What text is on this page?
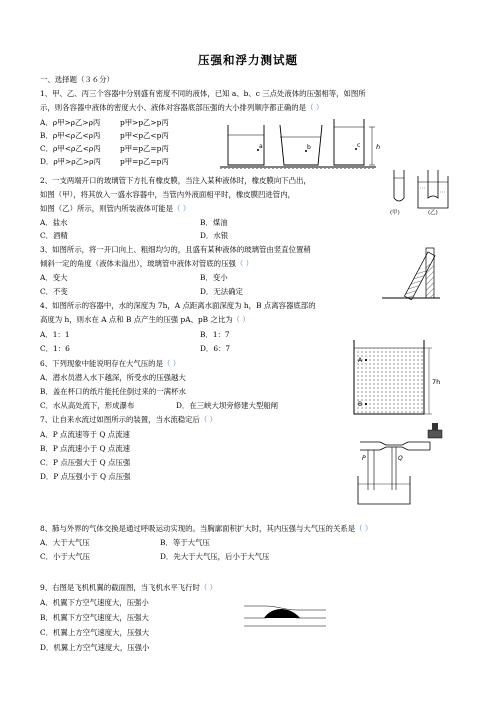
压强和浮力测试题
一、选择题（３６分）
1、甲、乙、丙三个容器中分别盛有密度不同的液体，已知 a、b、c 三点处液体的压强相等，如图所
示，则各容器中液体的密度大小、液体对容器底部压强的大小排列顺序都正确的是（ ）
A．ρ甲>ρ乙>ρ丙	p甲>p乙>p丙
B．ρ甲<ρ乙<ρ丙	p甲<p乙<p丙
C．ρ甲<ρ乙<ρ丙	p甲=p乙=p丙
D．ρ甲>ρ乙>ρ丙	p甲=p乙=p丙
a	b	c h
2、一支两端开口的玻璃管下方扎有橡皮膜，当注入某种液体时，橡皮膜向下凸出，
如图（甲），将其放入一盛水容器中，当管内外液面相平时，橡皮膜凹进管内，
如图（乙）所示，则管内所装液体可能是（ ）
A．盐水	B．煤油
C．酒精	D．水银
(甲)	(乙)
3、如图所示，将一开口向上、粗细均匀的，且盛有某种液体的玻璃管由竖直位置稍
倾斜一定的角度（液体未溢出），玻璃管中液体对管底的压强（ ）
A．变大	B．变小
C．不变	D．无法确定
4、如图所示的容器中，水的深度为 7h，A 点距离水面深度为 h，B 点离容器底部的
高度为 h，则水在 A 点和 B 点产生的压强 pA、pB 之比为（ ）
A．1：1	B．1：7
C．1：6	D．6：7
7h
A
B
6、下列现象中能说明存在大气压的是（ ）
A．潜水员潜入水下越深，所受水的压强越大
B．盖在杯口的纸片能托住倒过来的一满杯水
C．水从高处流下，形成瀑布	D．在三峡大坝旁修建大型船闸
7、让自来水流过如图所示的装置，当水流稳定后（ ）
A．P 点流速等于 Q 点流速
B．P 点流速小于 Q 点流速
C．P 点压强大于 Q 点压强
D．P 点压强小于 Q 点压强
P	Q
8、肺与外界的气体交换是通过呼吸运动实现的。当胸廓面积扩大时，其内压强与大气压的关系是（ ）
A．大于大气压	B．等于大气压
C．小于大气压	D．先大于大气压，后小于大气压
9、右图是飞机机翼的截面图，当飞机水平飞行时（ ）
A．机翼下方空气速度大，压强小
B．机翼下方空气速度大，压强大
C．机翼上方空气速度大，压强大
D．机翼上方空气速度大，压强小
